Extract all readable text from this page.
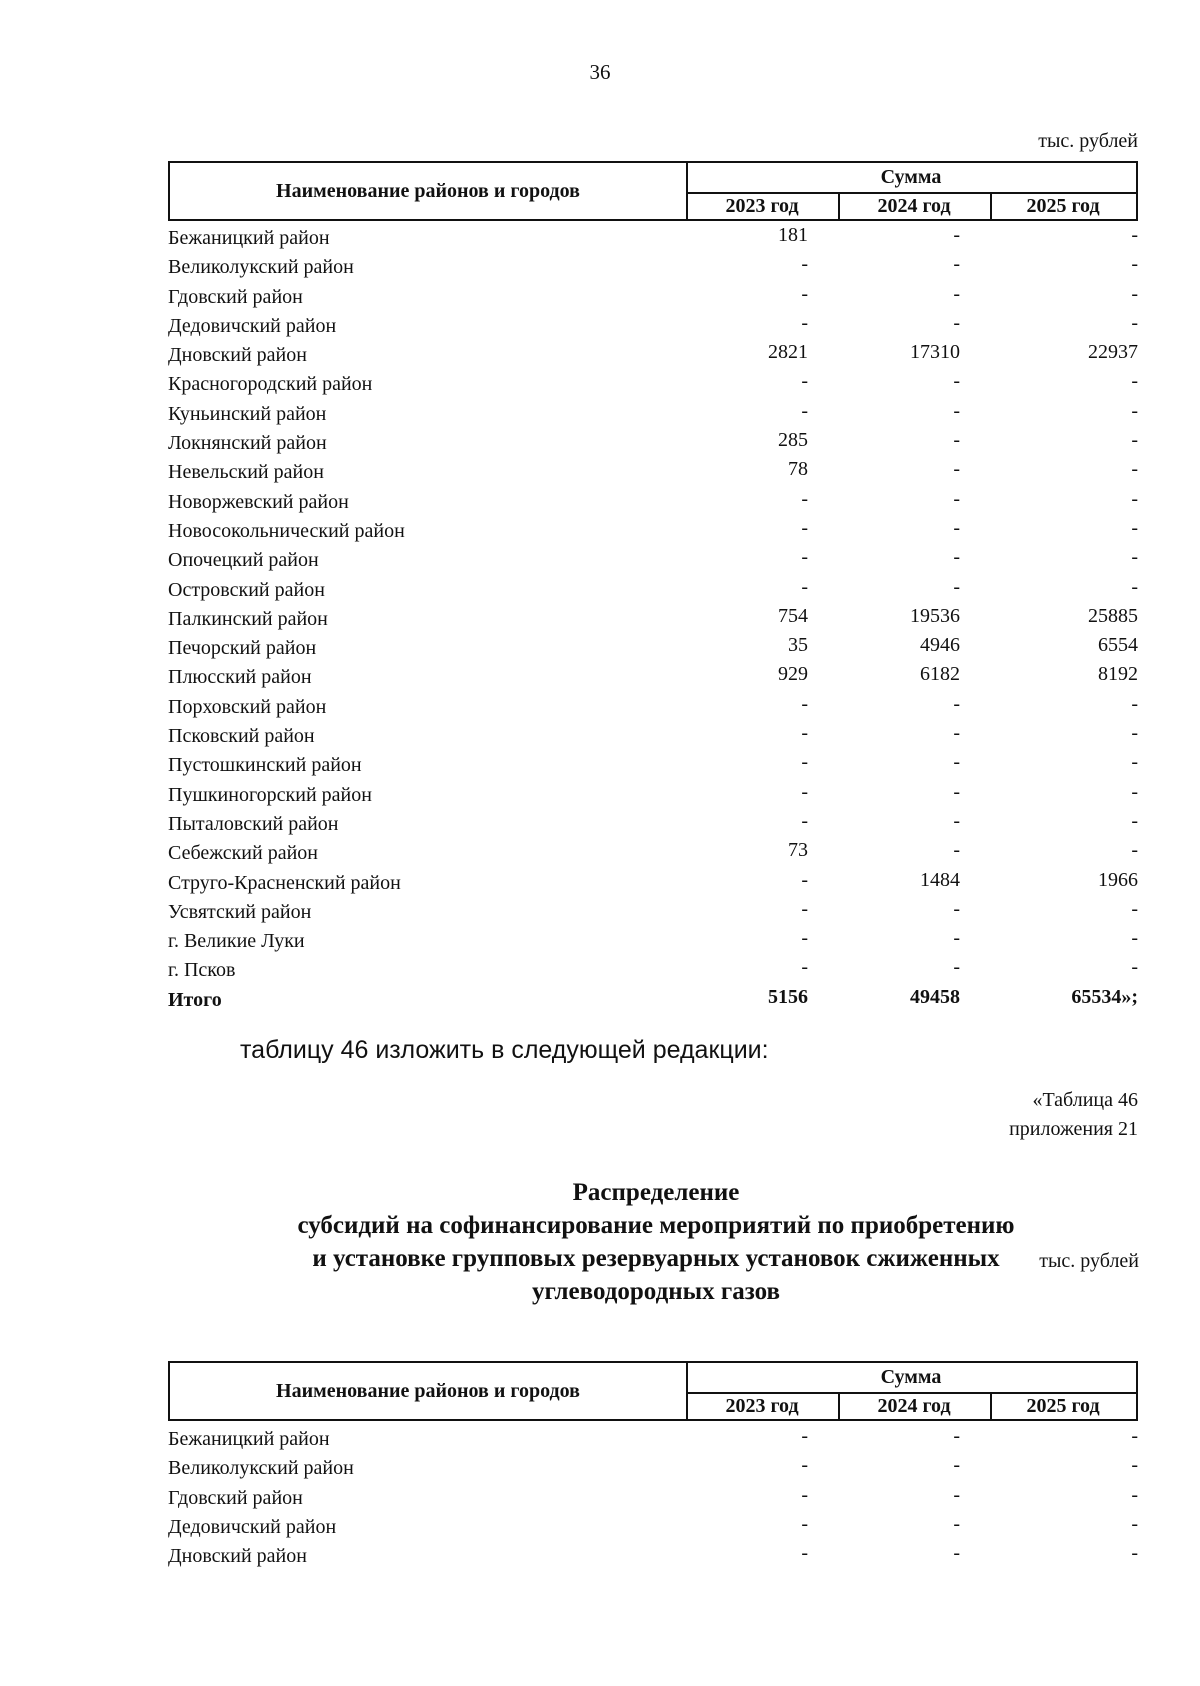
36
тыс. рублей
Наименование районов и городов
Сумма
2023 год	2024 год	2025 год
Бежаницкий район	181	-	-
Великолукский район	-	-	-
Гдовский район	-	-	-
Дедовичский район	-	-	-
Дновский район	2821	17310	22937
Красногородский район	-	-	-
Куньинский район	-	-	-
Локнянский район	285	-	-
Невельский район	78	-	-
Новоржевский район	-	-	-
Новосокольнический район	-	-	-
Опочецкий район	-	-	-
Островский район	-	-	-
Палкинский район	754	19536	25885
Печорский район	35	4946	6554
Плюсский район	929	6182	8192
Порховский район	-	-	-
Псковский район	-	-	-
Пустошкинский район	-	-	-
Пушкиногорский район	-	-	-
Пыталовский район	-	-	-
Себежский район	73	-	-
Струго-Красненский район	-	1484	1966
Усвятский район	-	-	-
г. Великие Луки	-	-	-
г. Псков	-	-	-
Итого	5156	49458	65534»;
таблицу 46 изложить в следующей редакции:
«Таблица 46
приложения 21
Распределение
субсидий на софинансирование мероприятий по приобретению
и установке групповых резервуарных установок сжиженных
углеводородных газов
тыс. рублей
Наименование районов и городов
Сумма
2023 год	2024 год	2025 год
Бежаницкий район	-	-	-
Великолукский район	-	-	-
Гдовский район	-	-	-
Дедовичский район	-	-	-
Дновский район	-	-	-
